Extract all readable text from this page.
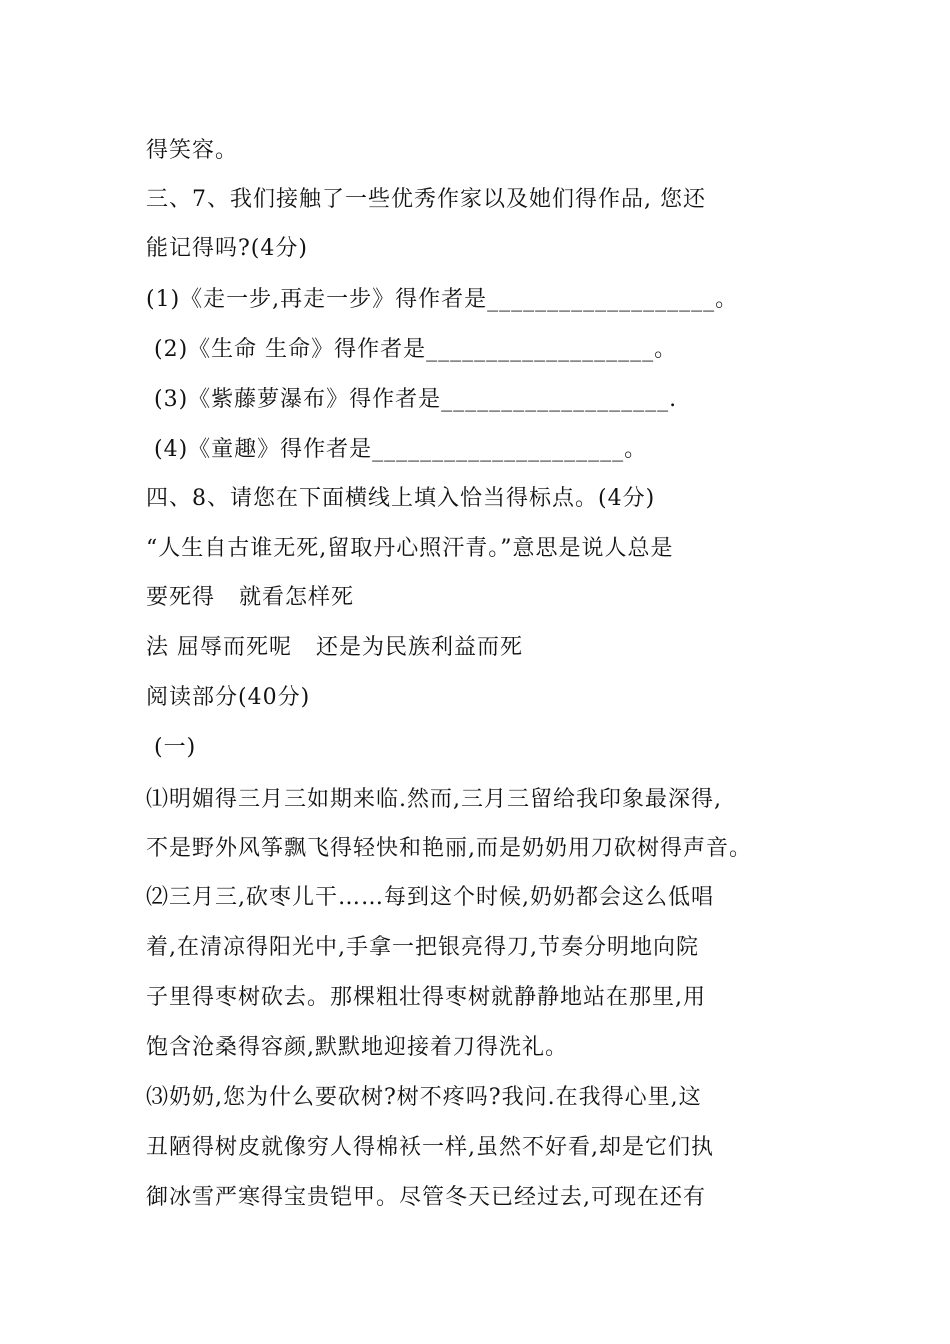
得笑容。
三、7、我们接触了一些优秀作家以及她们得作品, 您还
能记得吗?(4分)
(1)《走一步,再走一步》得作者是___________________。
(2)《生命 生命》得作者是___________________。
(3)《紫藤萝瀑布》得作者是___________________.
(4)《童趣》得作者是_____________________。
四、8、请您在下面横线上填入恰当得标点。(4分)
“人生自古谁无死,留取丹心照汗青。”意思是说人总是
要死得   就看怎样死
法 屈辱而死呢   还是为民族利益而死
阅读部分(40分)
(一)
⑴明媚得三月三如期来临.然而,三月三留给我印象最深得,
不是野外风筝飘飞得轻快和艳丽,而是奶奶用刀砍树得声音。
⑵三月三,砍枣儿干……每到这个时候,奶奶都会这么低唱
着,在清凉得阳光中,手拿一把银亮得刀,节奏分明地向院
子里得枣树砍去。那棵粗壮得枣树就静静地站在那里,用
饱含沧桑得容颜,默默地迎接着刀得洗礼。
⑶奶奶,您为什么要砍树?树不疼吗?我问.在我得心里,这
丑陋得树皮就像穷人得棉袄一样,虽然不好看,却是它们执
御冰雪严寒得宝贵铠甲。尽管冬天已经过去,可现在还有
